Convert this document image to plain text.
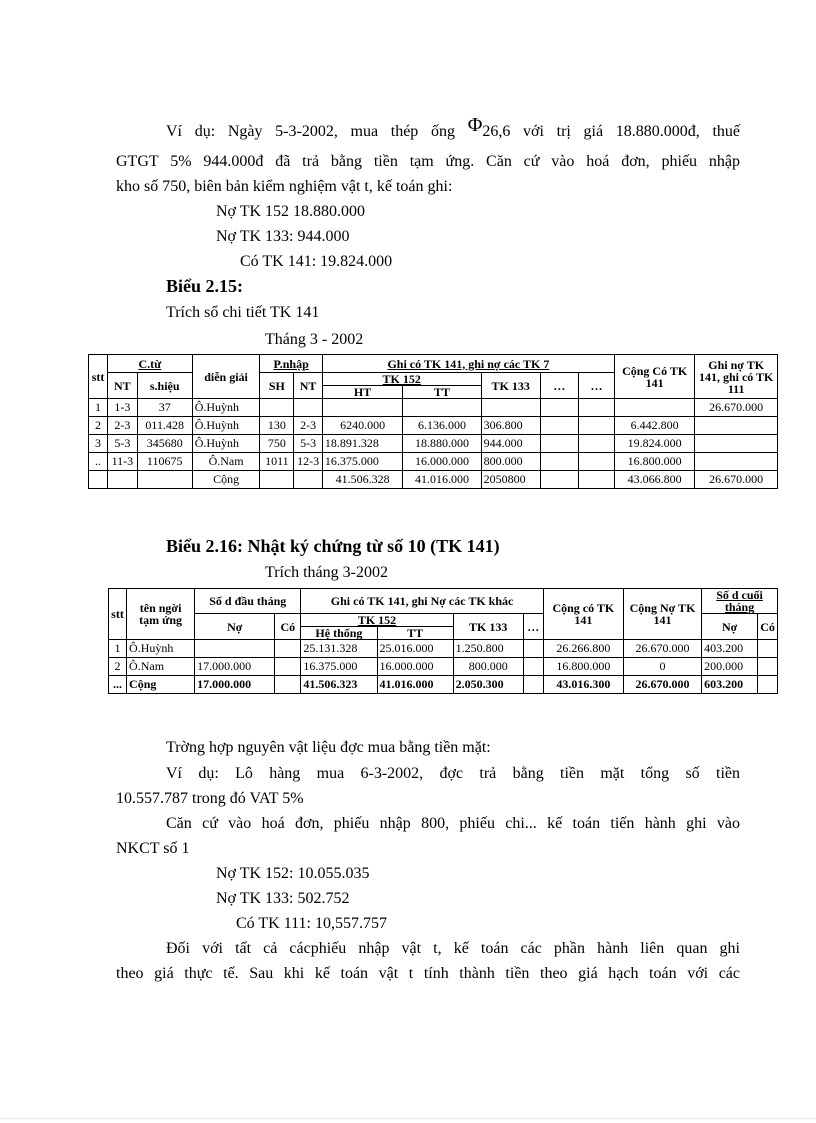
Ví dụ: Ngày 5-3-2002, mua thép ống Φ26,6 với trị giá 18.880.000đ, thuế
GTGT 5% 944.000đ đã trả bằng tiền tạm ứng. Căn cứ vào hoá đơn, phiếu nhập
kho số 750, biên bản kiểm nghiệm vật t, kế toán ghi:
Nợ TK 152 18.880.000
Nợ TK 133: 944.000
Có TK 141: 19.824.000
Biểu 2.15:
Trích sổ chi tiết TK 141
Tháng 3 - 2002
stt	C.từ		diễn giải	P.nhập		Ghi có TK 141, ghi nợ các TK 7					Cộng Có TK 141	Ghi nợ TK 141, ghi có TK 111
	NT	s.hiệu		SH	NT	TK 152		TK 133	…	…		
						HT	TT					
1	1-3	37	Ô.Huỳnh									26.670.000
2	2-3	011.428	Ô.Huỳnh	130	2-3	6240.000	6.136.000	306.800			6.442.800	
3	5-3	345680	Ô.Huỳnh	750	5-3	18.891.328	18.880.000	944.000			19.824.000	
..	11-3	110675	Ô.Nam	1011	12-3	16.375.000	16.000.000	800.000			16.800.000	
			Cộng			41.506.328	41.016.000	2050800			43.066.800	26.670.000
Biểu 2.16: Nhật ký chứng từ số 10 (TK 141)
Trích tháng 3-2002
stt	tên ngời tạm ứng	Số d đầu tháng		Ghi có TK 141, ghi Nợ các TK khác				Cộng có TK 141	Cộng Nợ TK 141	Số d cuối tháng	
		Nợ	Có	TK 152		TK 133	…			Nợ	Có
				Hệ thống	TT						
1	Ô.Huỳnh			25.131.328	25.016.000	1.250.800		26.266.800	26.670.000	403.200	
2	Ô.Nam	17.000.000		16.375.000	16.000.000	800.000		16.800.000	0	200.000	
...	Cộng	17.000.000		41.506.323	41.016.000	2.050.300		43.016.300	26.670.000	603.200	
Trờng hợp nguyên vật liệu đợc mua bằng tiền mặt:
Ví dụ: Lô hàng mua 6-3-2002, đợc trả bằng tiền mặt tổng số tiền
10.557.787 trong đó VAT 5%
Căn cứ vào hoá đơn, phiếu nhập 800, phiếu chi... kế toán tiến hành ghi vào
NKCT số 1
Nợ TK 152: 10.055.035
Nợ TK 133: 502.752
Có TK 111: 10,557.757
Đối với tất cả cácphiếu nhập vật t, kế toán các phần hành liên quan ghi
theo giá thực tế. Sau khi kế toán vật t tính thành tiền theo giá hạch toán với các
